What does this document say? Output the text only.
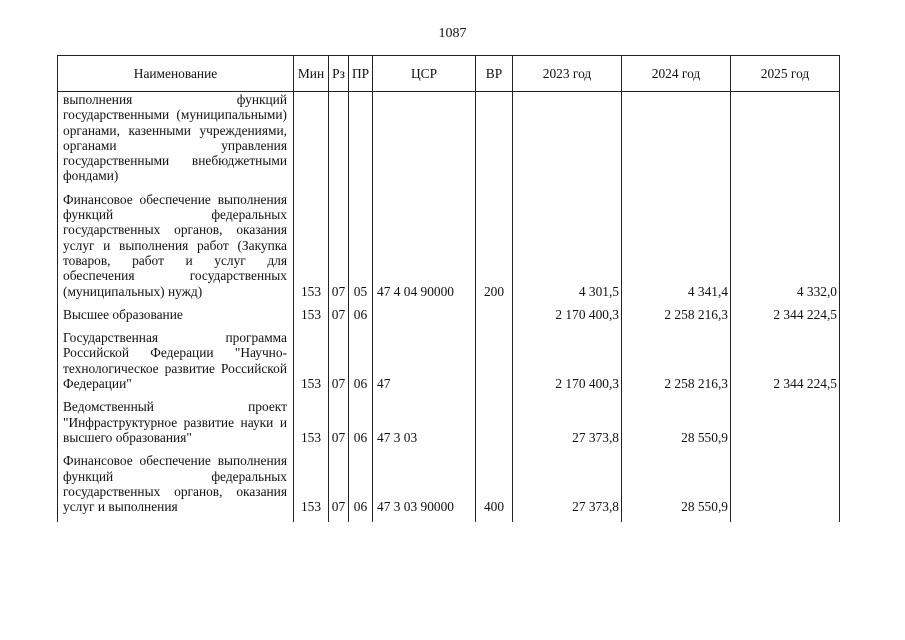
1087
Наименование	Мин	Рз	ПР	ЦСР	ВР	2023 год	2024 год	2025 год
выполнения функций государственными (муниципальными) органами, казенными учреждениями, органами управления государственными внебюджетными фондами)								
Финансовое обеспечение выполнения функций федеральных государственных органов, оказания услуг и выполнения работ (Закупка товаров, работ и услуг для обеспечения государственных (муниципальных) нужд)	153	07	05	47 4 04 90000	200	4 301,5	4 341,4	4 332,0
Высшее образование	153	07	06			2 170 400,3	2 258 216,3	2 344 224,5
Государственная программа Российской Федерации "Научно-технологическое развитие Российской Федерации"	153	07	06	47		2 170 400,3	2 258 216,3	2 344 224,5
Ведомственный проект "Инфраструктурное развитие науки и высшего образования"	153	07	06	47 3 03		27 373,8	28 550,9	
Финансовое обеспечение выполнения функций федеральных государственных органов, оказания услуг и выполнения	153	07	06	47 3 03 90000	400	27 373,8	28 550,9	
